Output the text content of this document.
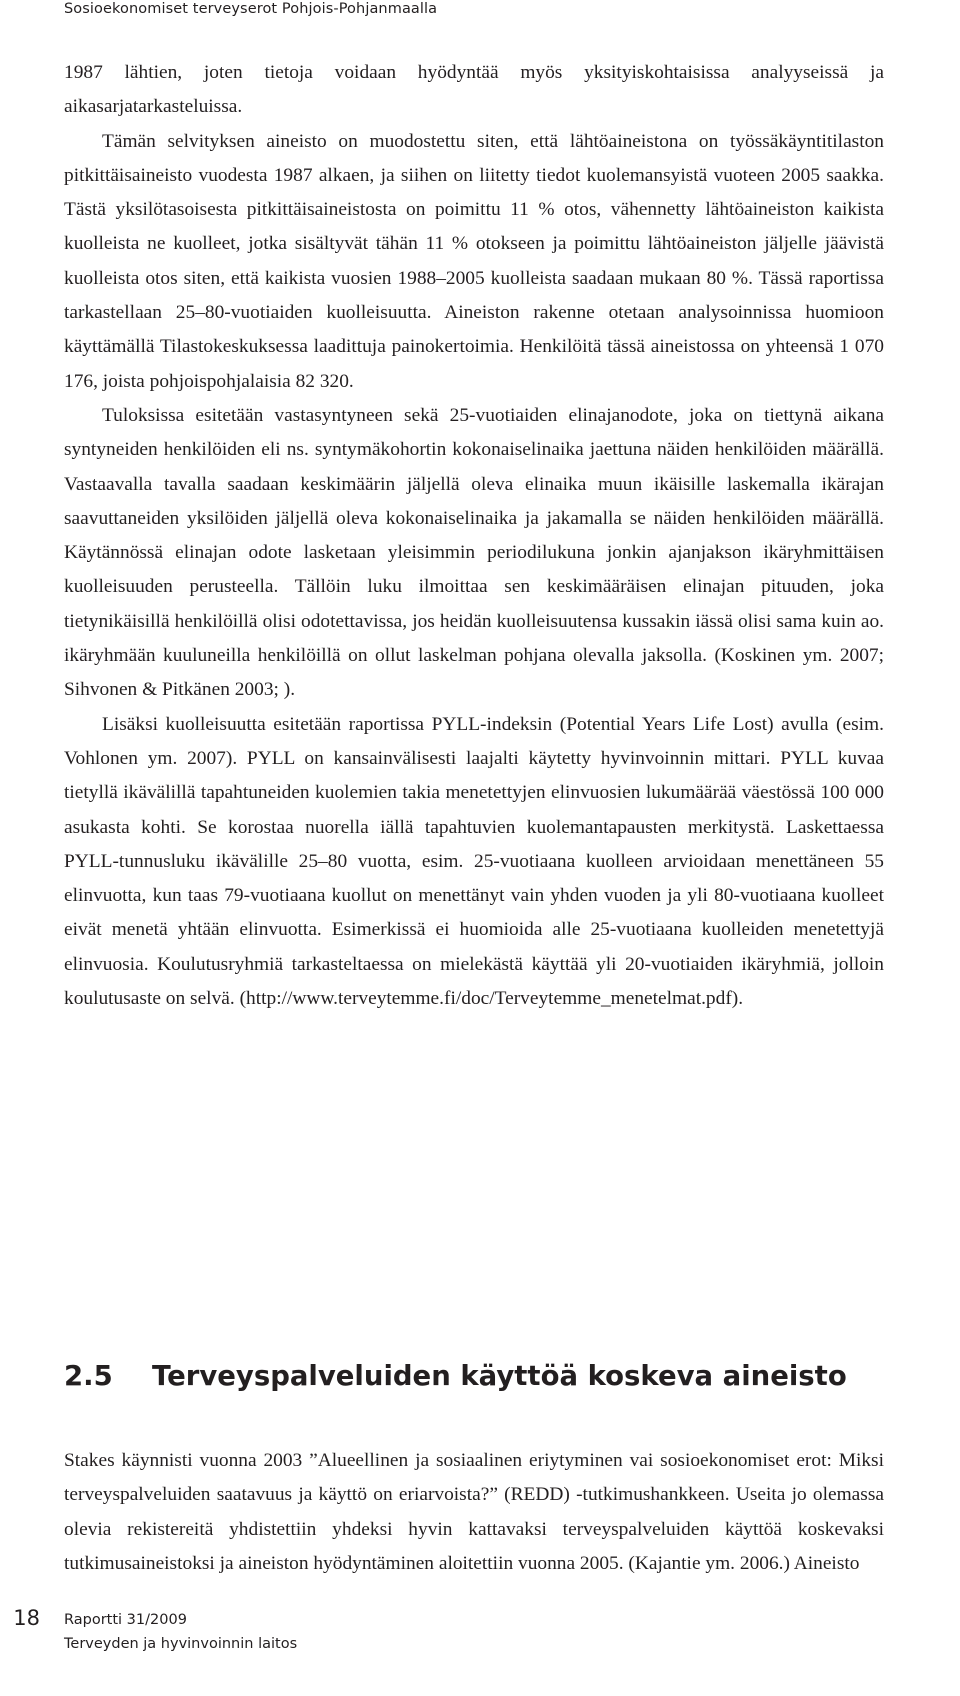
Sosioekonomiset terveyserot Pohjois-Pohjanmaalla

1987 lähtien, joten tietoja voidaan hyödyntää myös yksityiskohtaisissa analyyseissä ja aikasarjatarkasteluissa.

Tämän selvityksen aineisto on muodostettu siten, että lähtöaineistona on työssäkäyntitilaston pitkittäisaineisto vuodesta 1987 alkaen, ja siihen on liitetty tiedot kuolemansyistä vuoteen 2005 saakka. Tästä yksilötasoisesta pitkittäisaineistosta on poimittu 11 % otos, vähennetty lähtöaineiston kaikista kuolleista ne kuolleet, jotka sisältyvät tähän 11 % otokseen ja poimittu lähtöaineiston jäljelle jäävistä kuolleista otos siten, että kaikista vuosien 1988–2005 kuolleista saadaan mukaan 80 %. Tässä raportissa tarkastellaan 25–80-vuotiaiden kuolleisuutta. Aineiston rakenne otetaan analysoinnissa huomioon käyttämällä Tilastokeskuksessa laadittuja painokertoimia. Henkilöitä tässä aineistossa on yhteensä 1 070 176, joista pohjoispohjalaisia 82 320.

Tuloksissa esitetään vastasyntyneen sekä 25-vuotiaiden elinajanodote, joka on tiettynä aikana syntyneiden henkilöiden eli ns. syntymäkohortin kokonaiselinaika jaettuna näiden henkilöiden määrällä. Vastaavalla tavalla saadaan keskimäärin jäljellä oleva elinaika muun ikäisille laskemalla ikärajan saavuttaneiden yksilöiden jäljellä oleva kokonaiselinaika ja jakamalla se näiden henkilöiden määrällä. Käytännössä elinajan odote lasketaan yleisimmin periodilukuna jonkin ajanjakson ikäryhmittäisen kuolleisuuden perusteella. Tällöin luku ilmoittaa sen keskimääräisen elinajan pituuden, joka tietynikäisillä henkilöillä olisi odotettavissa, jos heidän kuolleisuutensa kussakin iässä olisi sama kuin ao. ikäryhmään kuuluneilla henkilöillä on ollut laskelman pohjana olevalla jaksolla. (Koskinen ym. 2007; Sihvonen & Pitkänen 2003; ).

Lisäksi kuolleisuutta esitetään raportissa PYLL-indeksin (Potential Years Life Lost) avulla (esim. Vohlonen ym. 2007). PYLL on kansainvälisesti laajalti käytetty hyvinvoinnin mittari. PYLL kuvaa tietyllä ikävälillä tapahtuneiden kuolemien takia menetettyjen elinvuosien lukumäärää väestössä 100 000 asukasta kohti. Se korostaa nuorella iällä tapahtuvien kuolemantapausten merkitystä. Laskettaessa PYLL-tunnusluku ikävälille 25–80 vuotta, esim. 25-vuotiaana kuolleen arvioidaan menettäneen 55 elinvuotta, kun taas 79-vuotiaana kuollut on menettänyt vain yhden vuoden ja yli 80-vuotiaana kuolleet eivät menetä yhtään elinvuotta. Esimerkissä ei huomioida alle 25-vuotiaana kuolleiden menetettyjä elinvuosia. Koulutusryhmiä tarkasteltaessa on mielekästä käyttää yli 20-vuotiaiden ikäryhmiä, jolloin koulutusaste on selvä. (http://www.terveytemme.fi/doc/Terveytemme_menetelmat.pdf).

2.5 Terveyspalveluiden käyttöä koskeva aineisto

Stakes käynnisti vuonna 2003 ”Alueellinen ja sosiaalinen eriytyminen vai sosioekonomiset erot: Miksi terveyspalveluiden saatavuus ja käyttö on eriarvoista?” (REDD) -tutkimushankkeen. Useita jo olemassa olevia rekistereitä yhdistettiin yhdeksi hyvin kattavaksi terveyspalveluiden käyttöä koskevaksi tutkimusaineistoksi ja aineiston hyödyntäminen aloitettiin vuonna 2005. (Kajantie ym. 2006.) Aineisto

18 Raportti 31/2009
Terveyden ja hyvinvoinnin laitos
